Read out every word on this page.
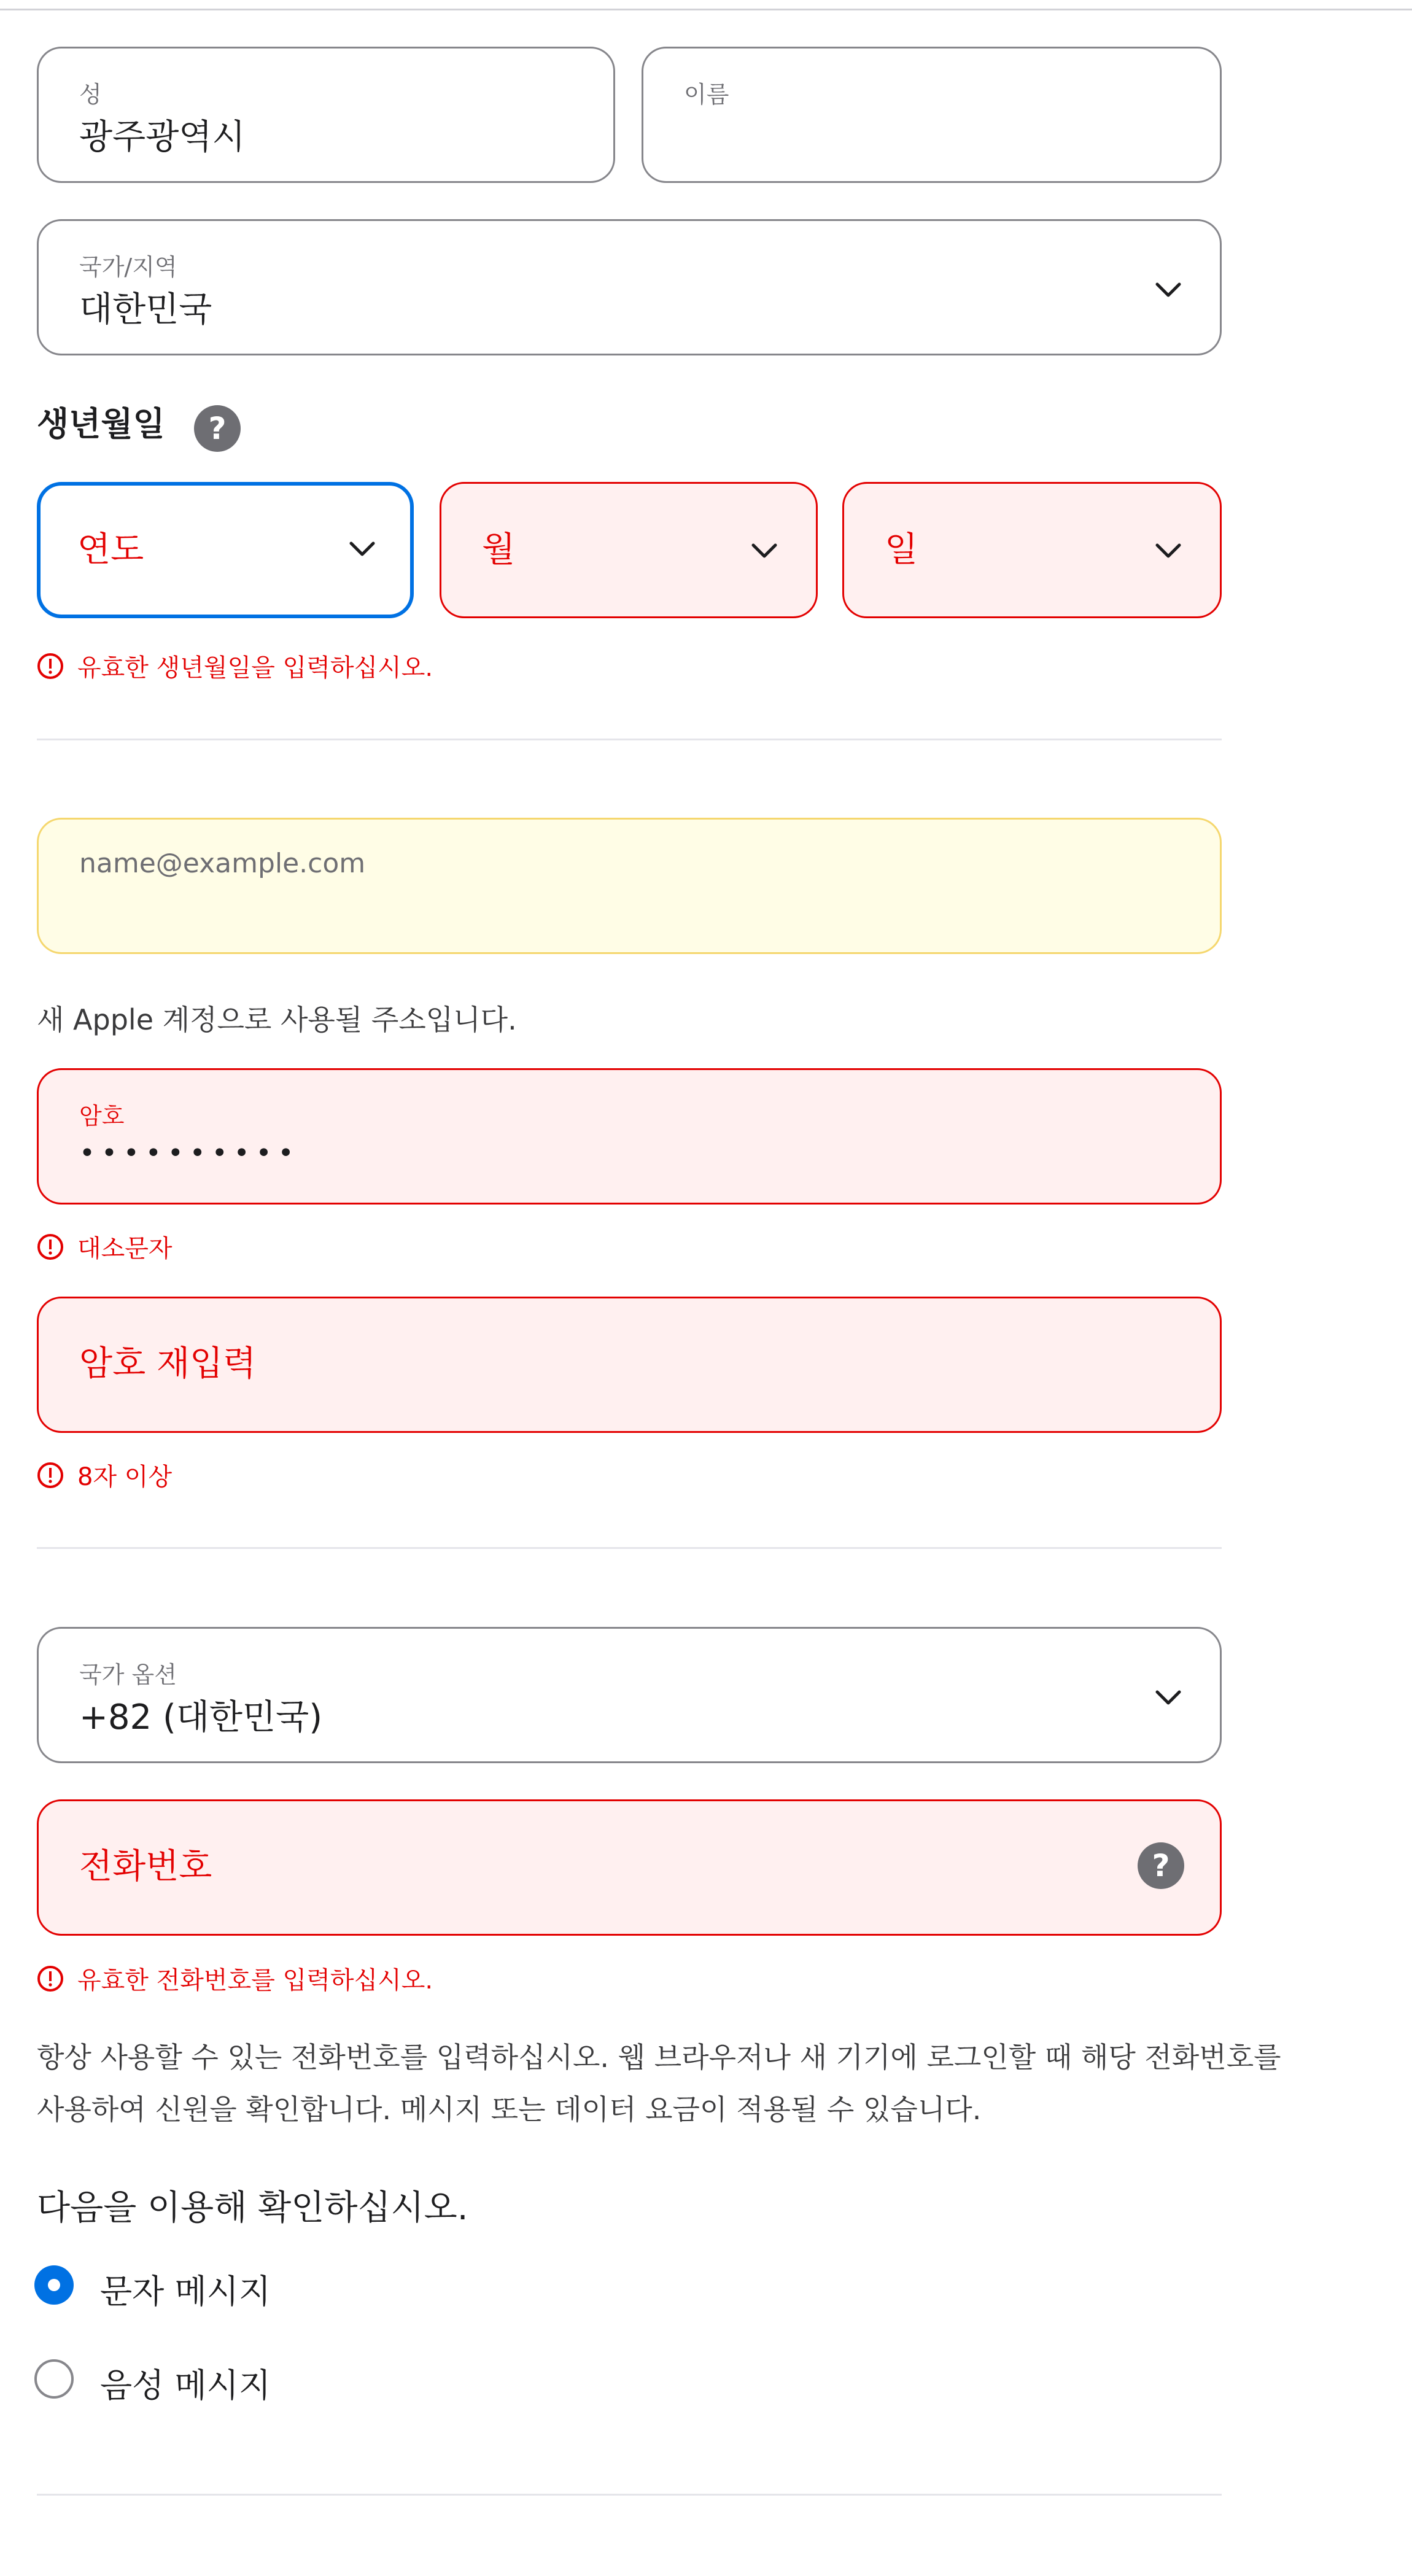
성
광주광역시
이름
국가/지역
대한민국
생년월일	?
연도	월	일
유효한 생년월일을 입력하십시오.
name@example.com
새 Apple 계정으로 사용될 주소입니다.
암호
••••••••••
대소문자
암호 재입력
8자 이상
국가 옵션
+82 (대한민국)
전화번호	?
유효한 전화번호를 입력하십시오.
항상 사용할 수 있는 전화번호를 입력하십시오. 웹 브라우저나 새 기기에 로그인할 때 해당 전화번호를
사용하여 신원을 확인합니다. 메시지 또는 데이터 요금이 적용될 수 있습니다.
다음을 이용해 확인하십시오.
문자 메시지
음성 메시지
